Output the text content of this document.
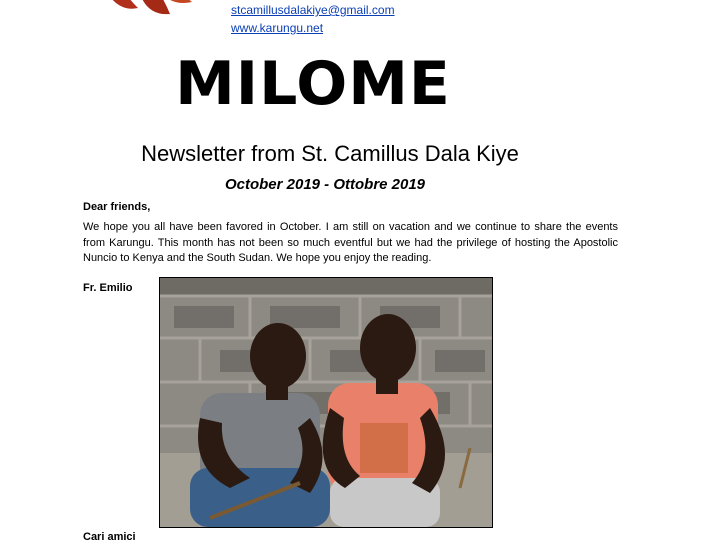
stcamillusdalakiye@gmail.com
www.karungu.net
MILOME
Newsletter from St. Camillus Dala Kiye
October 2019 - Ottobre 2019
Dear friends,
We hope you all have been favored in October. I am still on vacation and we continue to share the events from Karungu. This month has not been so much eventful but we had the privilege of hosting the Apostolic Nuncio to Kenya and the South Sudan. We hope you enjoy the reading.
Fr. Emilio
Cari amici
